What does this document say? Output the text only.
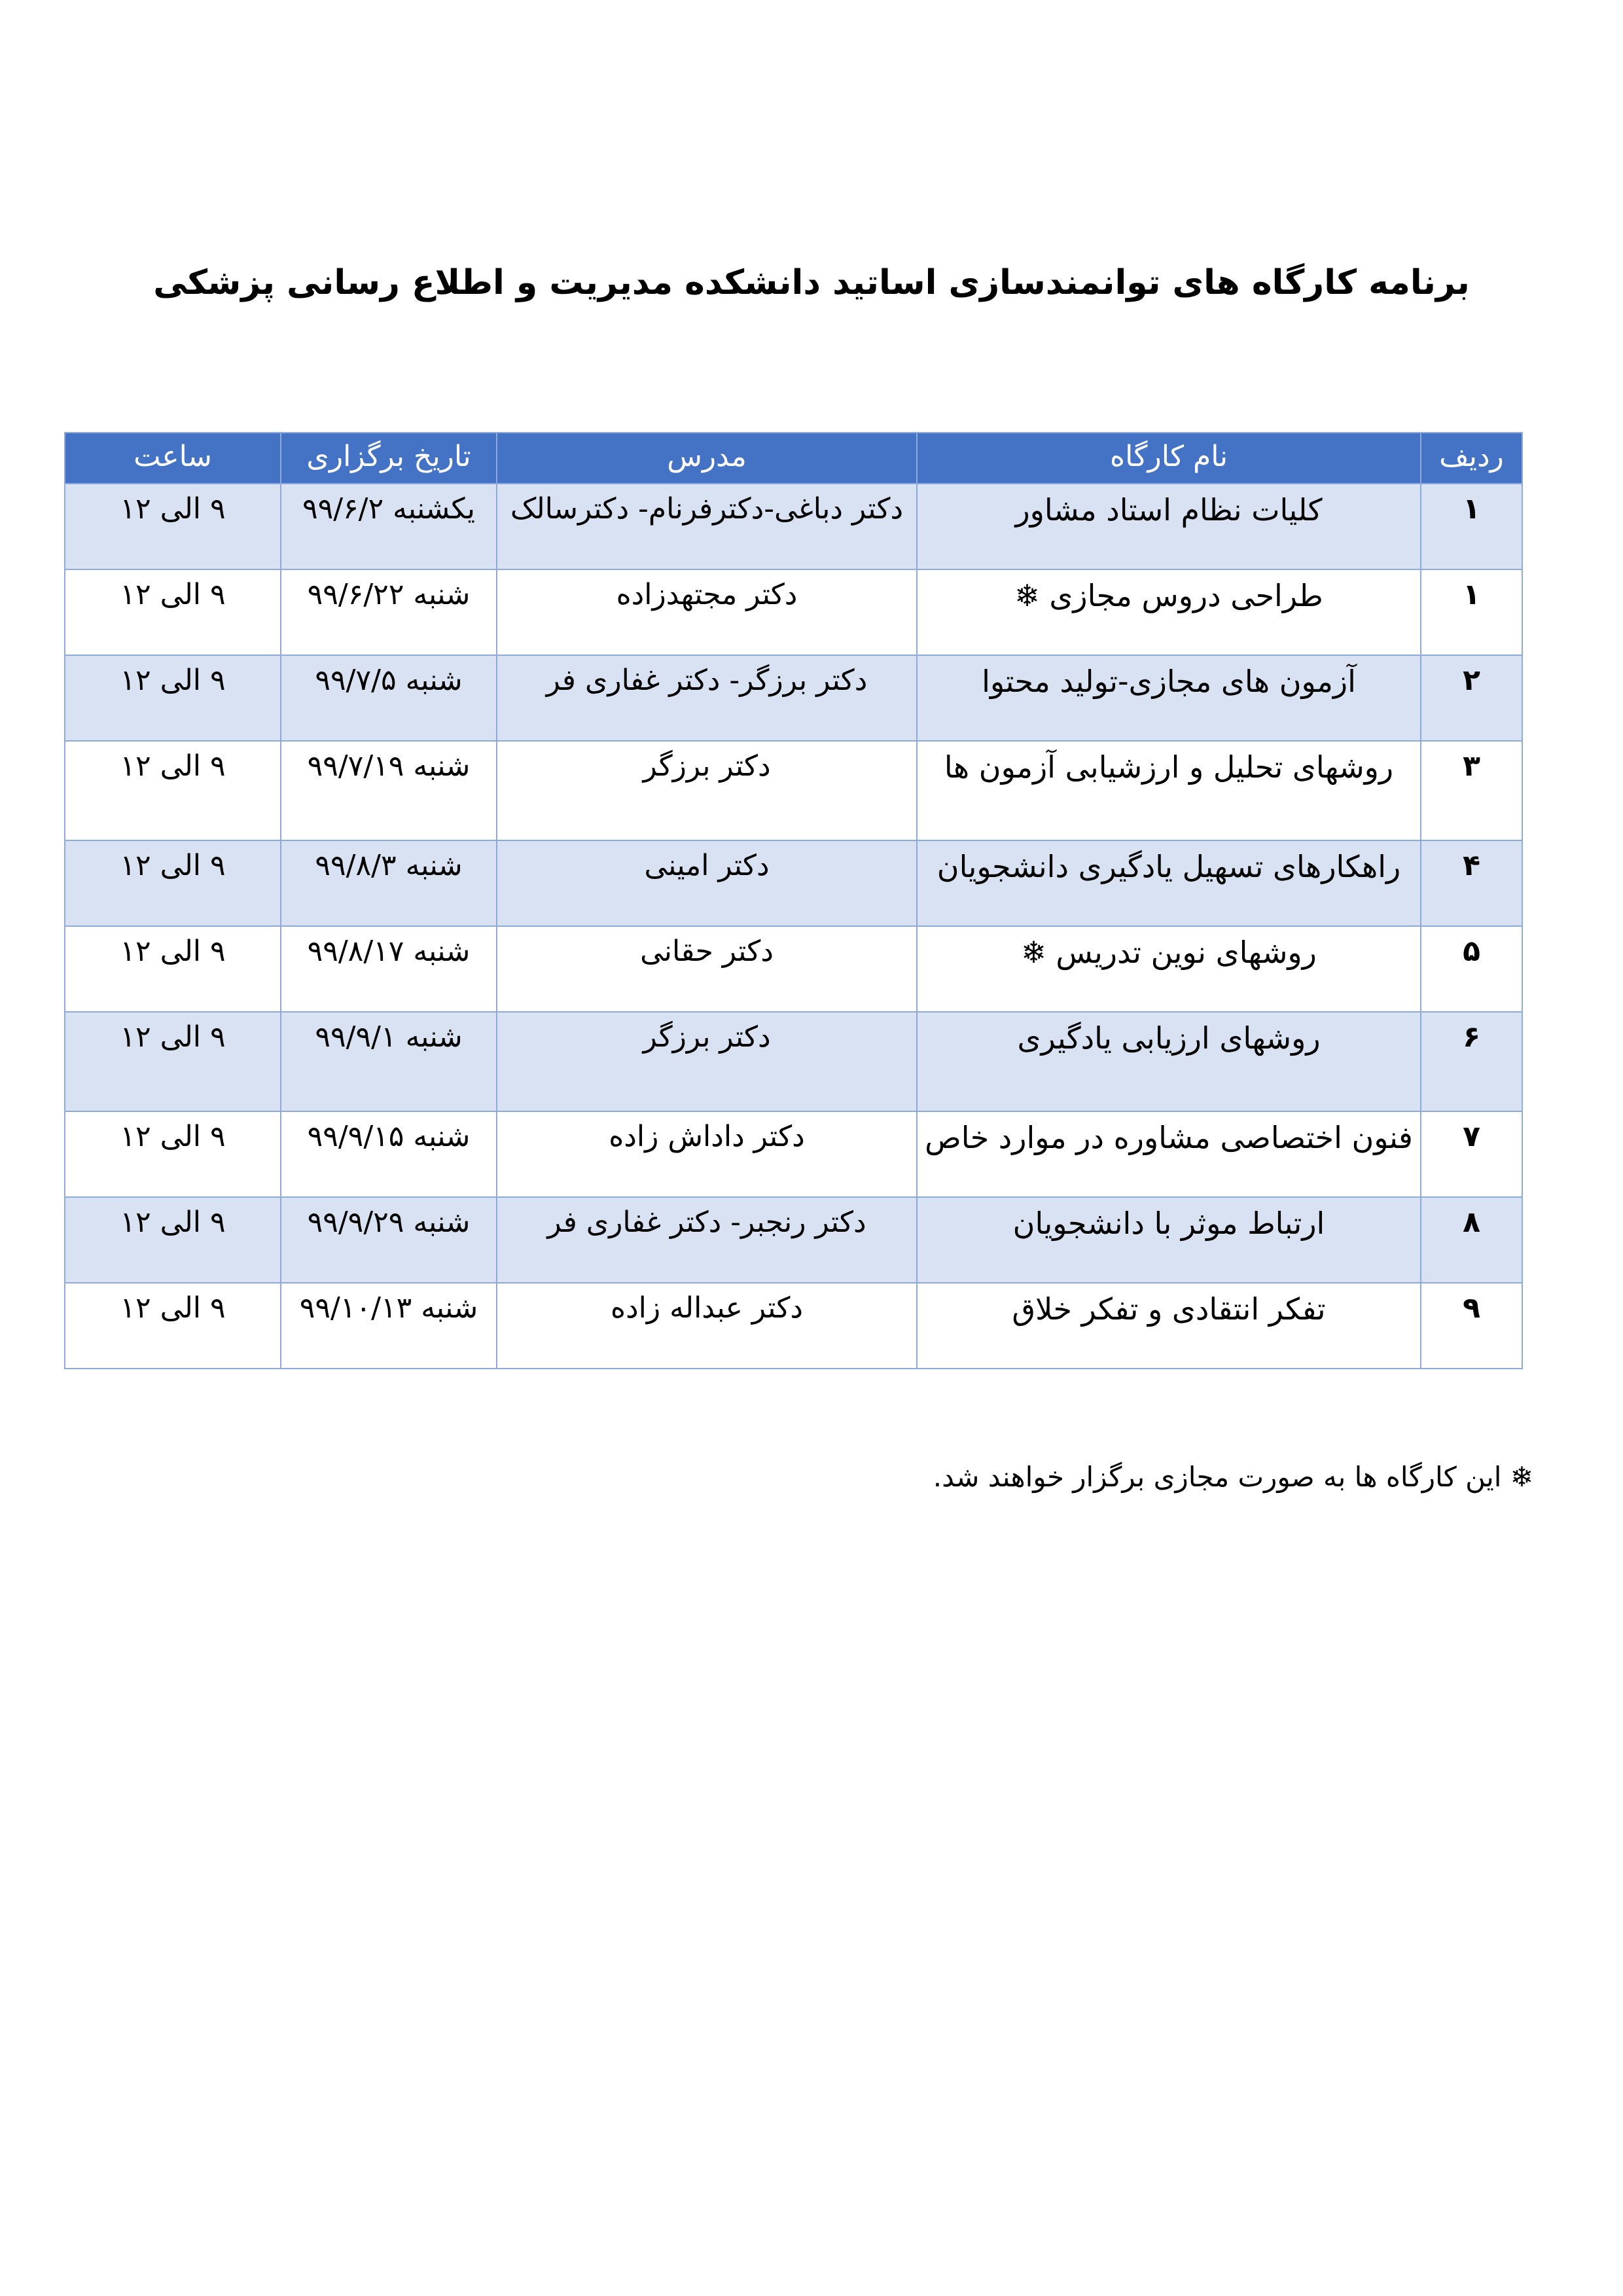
برنامه کارگاه های توانمندسازی اساتید دانشکده مدیریت و اطلاع رسانی پزشکی
ردیف	نام کارگاه	مدرس	تاریخ برگزاری	ساعت
۱	کلیات نظام استاد مشاور	دکتر دباغی-دکترفرنام- دکترسالک	یکشنبه ۹۹/۶/۲	۹ الی ۱۲
۱	طراحی دروس مجازی ❄	دکتر مجتهدزاده	شنبه ۹۹/۶/۲۲	۹ الی ۱۲
۲	آزمون های مجازی-تولید محتوا	دکتر برزگر- دکتر غفاری فر	شنبه ۹۹/۷/۵	۹ الی ۱۲
۳	روشهای تحلیل و ارزشیابی آزمون ها	دکتر برزگر	شنبه ۹۹/۷/۱۹	۹ الی ۱۲
۴	راهکارهای تسهیل یادگیری دانشجویان	دکتر امینی	شنبه ۹۹/۸/۳	۹ الی ۱۲
۵	روشهای نوین تدریس ❄	دکتر حقانی	شنبه ۹۹/۸/۱۷	۹ الی ۱۲
۶	روشهای ارزیابی یادگیری	دکتر برزگر	شنبه ۹۹/۹/۱	۹ الی ۱۲
۷	فنون اختصاصی مشاوره در موارد خاص	دکتر داداش زاده	شنبه ۹۹/۹/۱۵	۹ الی ۱۲
۸	ارتباط موثر با دانشجویان	دکتر رنجبر- دکتر غفاری فر	شنبه ۹۹/۹/۲۹	۹ الی ۱۲
۹	تفکر انتقادی و تفکر خلاق	دکتر عبداله زاده	شنبه ۹۹/۱۰/۱۳	۹ الی ۱۲
❄ این کارگاه ها به صورت مجازی برگزار خواهند شد.
